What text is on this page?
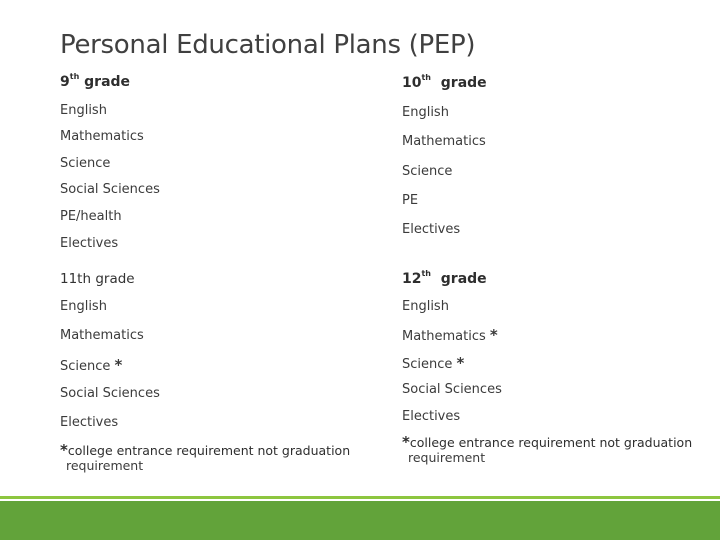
Personal Educational Plans (PEP)
9th grade
English
Mathematics
Science
Social Sciences
PE/health
Electives
10th grade
English
Mathematics
Science
PE
Electives
11th grade
English
Mathematics
Science *
Social Sciences
Electives
*college entrance requirement not graduation
requirement
12th grade
English
Mathematics *
Science *
Social Sciences
Electives
*college entrance requirement not graduation
requirement
